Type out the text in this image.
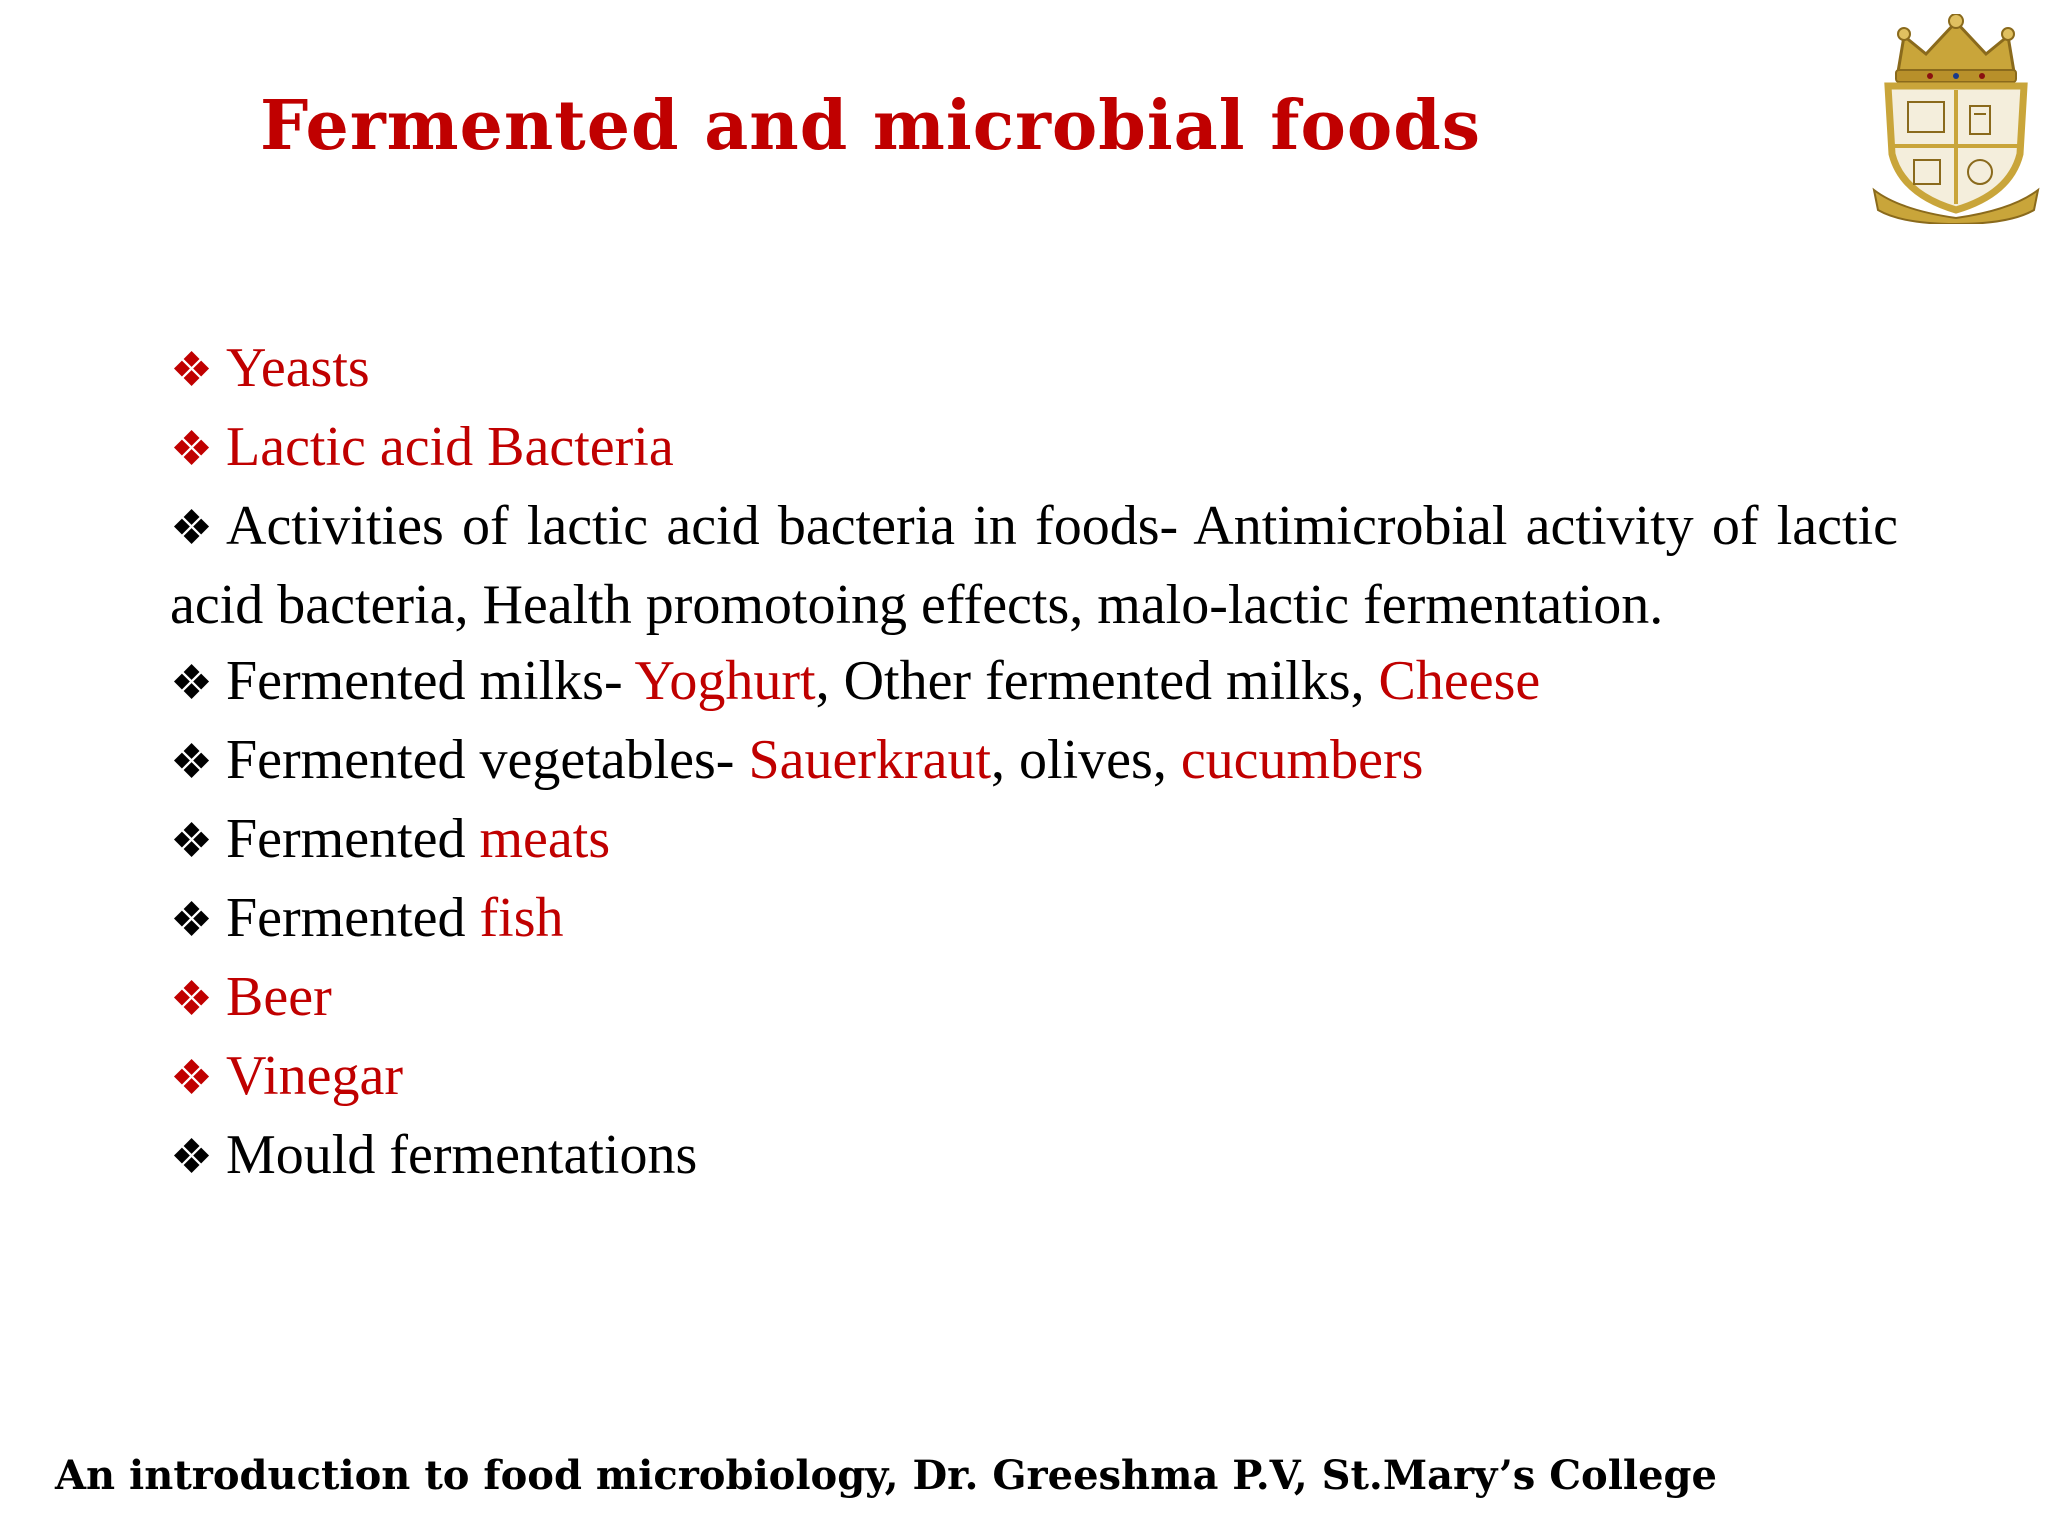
Fermented and microbial foods

❖ Yeasts

❖ Lactic acid Bacteria

❖ Activities of lactic acid bacteria in foods- Antimicrobial activity of lactic acid bacteria, Health promotoing effects, malo-lactic fermentation.

❖ Fermented milks- Yoghurt, Other fermented milks, Cheese

❖ Fermented vegetables- Sauerkraut, olives, cucumbers

❖ Fermented meats

❖ Fermented fish

❖ Beer

❖ Vinegar

❖ Mould fermentations

An introduction to food microbiology, Dr. Greeshma P.V, St.Mary’s College
